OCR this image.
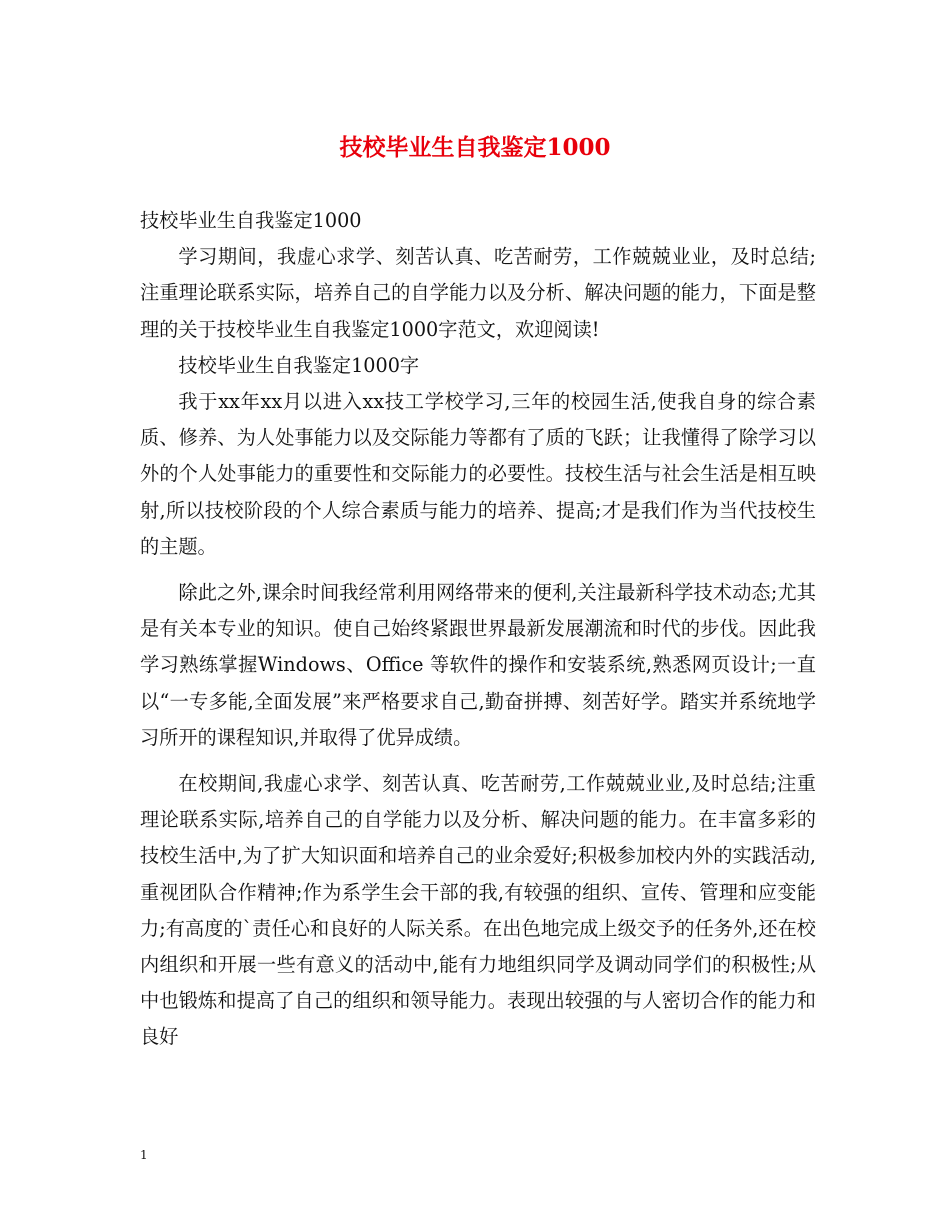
技校毕业生自我鉴定1000

技校毕业生自我鉴定1000

学习期间，我虚心求学、刻苦认真、吃苦耐劳，工作兢兢业业，及时总结;注重理论联系实际，培养自己的自学能力以及分析、解决问题的能力，下面是整理的关于技校毕业生自我鉴定1000字范文，欢迎阅读!

技校毕业生自我鉴定1000字

我于xx年xx月以进入xx技工学校学习,三年的校园生活,使我自身的综合素质、修养、为人处事能力以及交际能力等都有了质的飞跃；让我懂得了除学习以外的个人处事能力的重要性和交际能力的必要性。技校生活与社会生活是相互映射,所以技校阶段的个人综合素质与能力的培养、提高;才是我们作为当代技校生的主题。

除此之外,课余时间我经常利用网络带来的便利,关注最新科学技术动态;尤其是有关本专业的知识。使自己始终紧跟世界最新发展潮流和时代的步伐。因此我学习熟练掌握Windows、Office 等软件的操作和安装系统,熟悉网页设计;一直以“一专多能,全面发展”来严格要求自己,勤奋拼搏、刻苦好学。踏实并系统地学习所开的课程知识,并取得了优异成绩。

在校期间,我虚心求学、刻苦认真、吃苦耐劳,工作兢兢业业,及时总结;注重理论联系实际,培养自己的自学能力以及分析、解决问题的能力。在丰富多彩的技校生活中,为了扩大知识面和培养自己的业余爱好;积极参加校内外的实践活动,重视团队合作精神;作为系学生会干部的我,有较强的组织、宣传、管理和应变能力;有高度的`责任心和良好的人际关系。在出色地完成上级交予的任务外,还在校内组织和开展一些有意义的活动中,能有力地组织同学及调动同学们的积极性;从中也锻炼和提高了自己的组织和领导能力。表现出较强的与人密切合作的能力和良好

1
